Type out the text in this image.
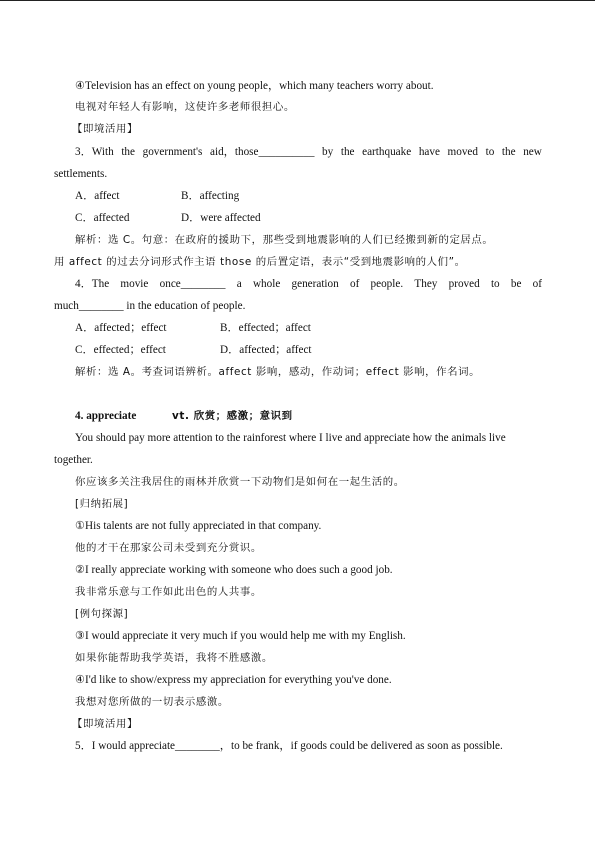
④Television has an effect on young people，which many teachers worry about.
电视对年轻人有影响，这使许多老师很担心。
【即境活用】
3．With the government's aid，those__________ by the earthquake have moved to the new
settlements.
A．affect	B．affecting
C．affected	D．were affected
解析：选 C。句意：在政府的援助下，那些受到地震影响的人们已经搬到新的定居点。
用 affect 的过去分词形式作主语 those 的后置定语，表示“受到地震影响的人们”。
4．The movie once________ a whole generation of people. They proved to be of
much________ in the education of people.
A．affected；effect	B．effected；affect
C．effected；effect	D．affected；affect
解析：选 A。考查词语辨析。affect 影响，感动，作动词；effect 影响，作名词。
4. appreciate	vt. 欣赏；感激；意识到
You should pay more attention to the rainforest where I live and appreciate how the animals live
together.
你应该多关注我居住的雨林并欣赏一下动物们是如何在一起生活的。
[归纳拓展]
①His talents are not fully appreciated in that company.
他的才干在那家公司未受到充分赏识。
②I really appreciate working with someone who does such a good job.
我非常乐意与工作如此出色的人共事。
[例句探源]
③I would appreciate it very much if you would help me with my English.
如果你能帮助我学英语，我将不胜感激。
④I'd like to show/express my appreciation for everything you've done.
我想对您所做的一切表示感激。
【即境活用】
5．I would appreciate________，to be frank，if goods could be delivered as soon as possible.
